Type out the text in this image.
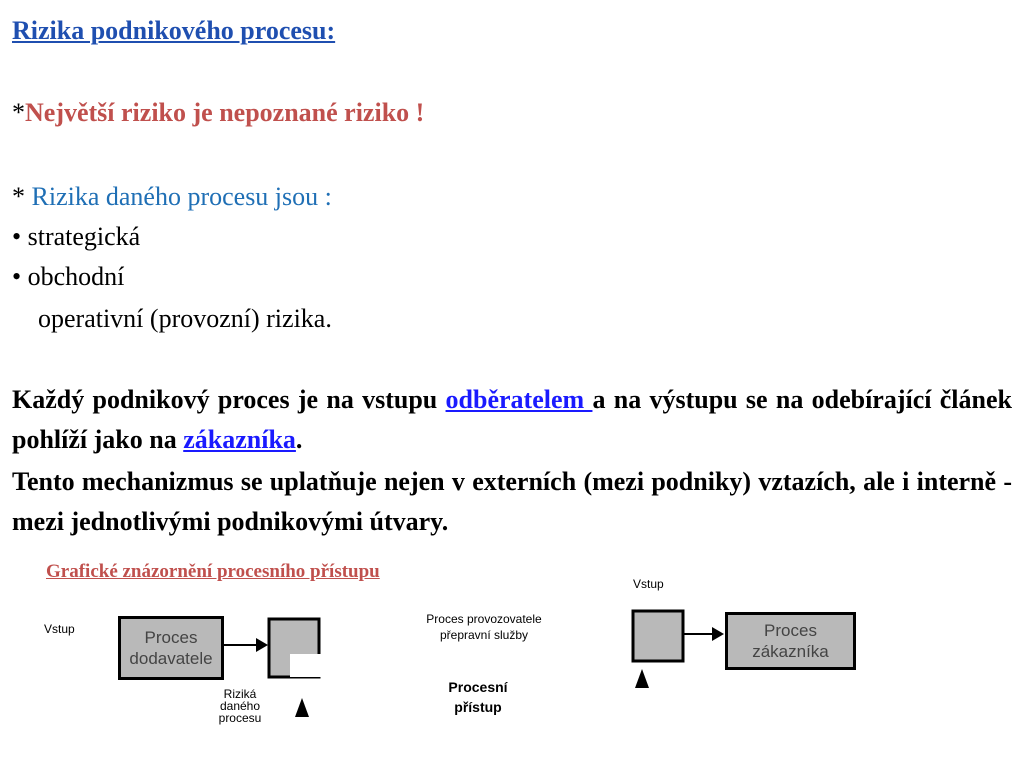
Rizika podnikového procesu:
*Největší riziko je nepoznané riziko !
* Rizika daného procesu jsou :
• strategická
• obchodní
operativní (provozní) rizika.
Každý podnikový proces je na vstupu odběratelem a na výstupu se na odebírající článek pohlíží jako na zákazníka.
Tento mechanizmus se uplatňuje nejen v externích (mezi podniky) vztazích, ale i interně - mezi jednotlivými podnikovými útvary.
Grafické znázornění procesního přístupu
Vstup	Proces
dodavatele
Riziká
daného
procesu
Proces provozovatele
přepravní služby
Procesní
přístup
Vstup
Proces
zákazníka
